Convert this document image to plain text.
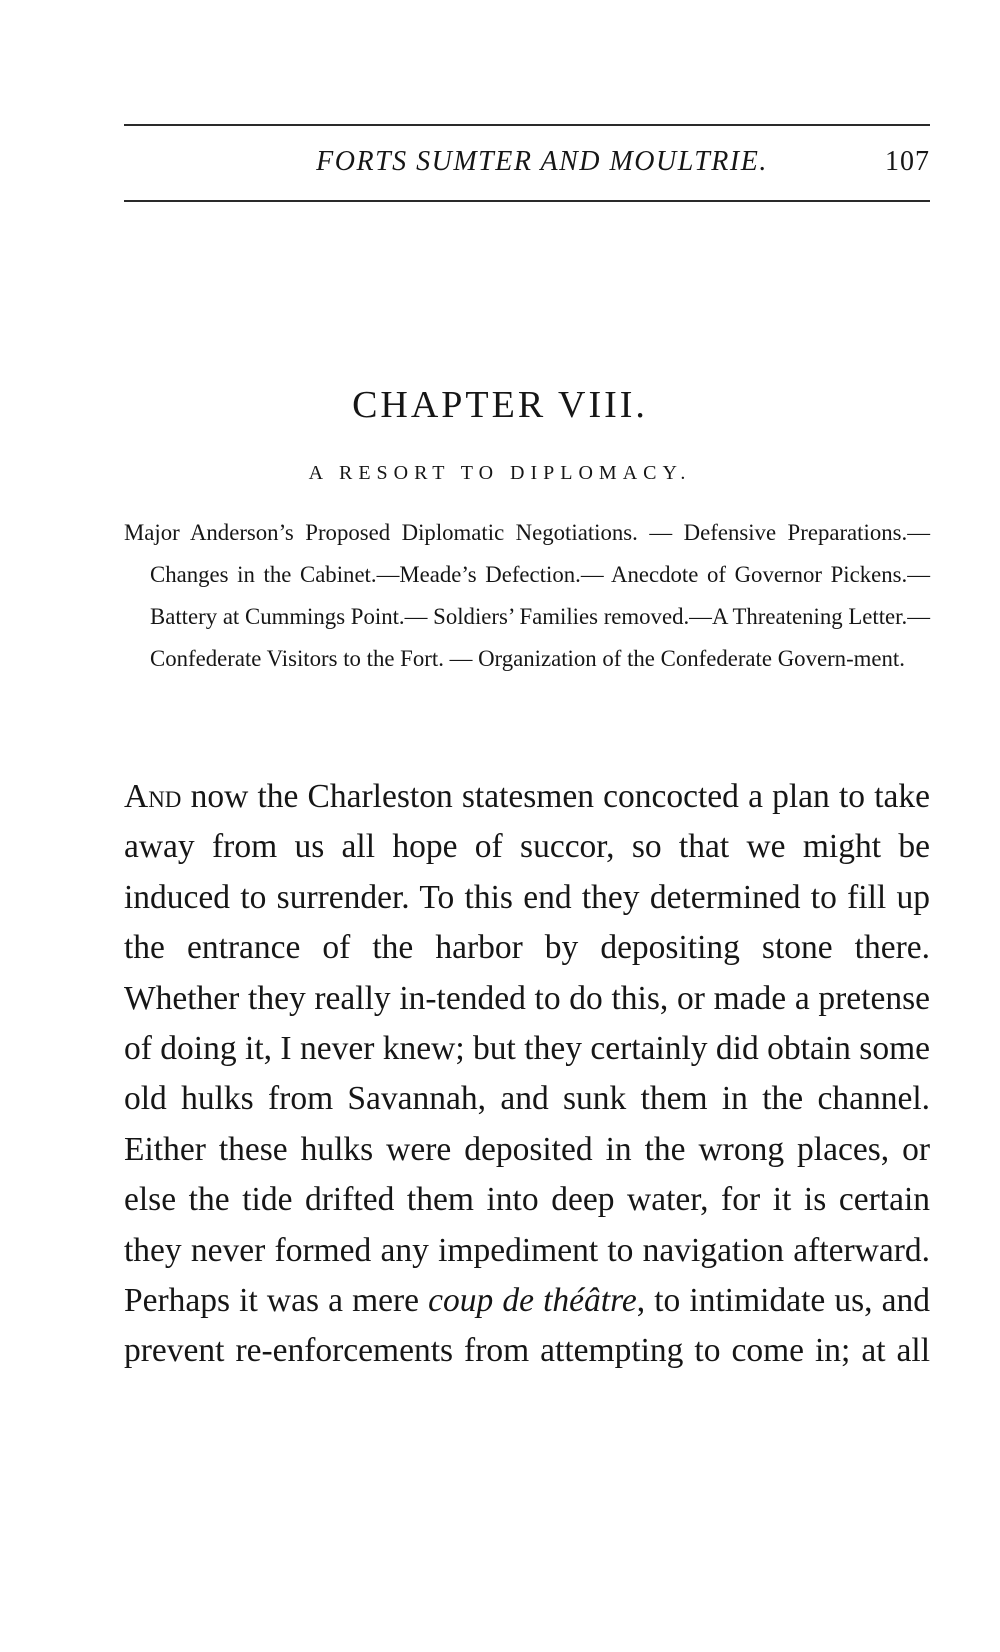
FORTS SUMTER AND MOULTRIE.	107
CHAPTER VIII.
A RESORT TO DIPLOMACY.

Major Anderson’s Proposed Diplomatic Negotiations. — Defensive Preparations.— Changes in the Cabinet.—Meade’s Defection.— Anecdote of Governor Pickens.— Battery at Cummings Point.— Soldiers’ Families removed.—A Threatening Letter.—Confederate Visitors to the Fort. — Organization of the Confederate Govern-ment.

And now the Charleston statesmen concocted a plan to take away from us all hope of succor, so that we might be induced to surrender. To this end they determined to fill up the entrance of the harbor by depositing stone there. Whether they really in-tended to do this, or made a pretense of doing it, I never knew; but they certainly did obtain some old hulks from Savannah, and sunk them in the channel. Either these hulks were deposited in the wrong places, or else the tide drifted them into deep water, for it is certain they never formed any impediment to navigation afterward. Perhaps it was a mere coup de théâtre, to intimidate us, and prevent re-enforcements from attempting to come in; at all
